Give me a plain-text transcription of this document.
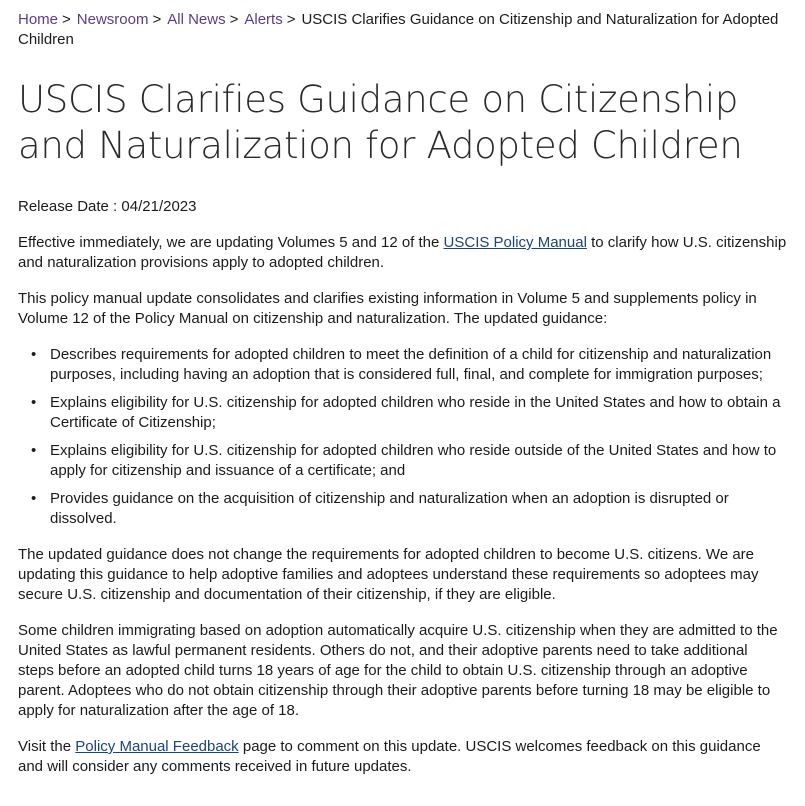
Home > Newsroom > All News > Alerts > USCIS Clarifies Guidance on Citizenship and Naturalization for Adopted Children
USCIS Clarifies Guidance on Citizenship and Naturalization for Adopted Children
Release Date : 04/21/2023

Effective immediately, we are updating Volumes 5 and 12 of the USCIS Policy Manual to clarify how U.S. citizenship and naturalization provisions apply to adopted children.

This policy manual update consolidates and clarifies existing information in Volume 5 and supplements policy in Volume 12 of the Policy Manual on citizenship and naturalization. The updated guidance:

• Describes requirements for adopted children to meet the definition of a child for citizenship and naturalization purposes, including having an adoption that is considered full, final, and complete for immigration purposes;
• Explains eligibility for U.S. citizenship for adopted children who reside in the United States and how to obtain a Certificate of Citizenship;
• Explains eligibility for U.S. citizenship for adopted children who reside outside of the United States and how to apply for citizenship and issuance of a certificate; and
• Provides guidance on the acquisition of citizenship and naturalization when an adoption is disrupted or dissolved.

The updated guidance does not change the requirements for adopted children to become U.S. citizens. We are updating this guidance to help adoptive families and adoptees understand these requirements so adoptees may secure U.S. citizenship and documentation of their citizenship, if they are eligible.

Some children immigrating based on adoption automatically acquire U.S. citizenship when they are admitted to the United States as lawful permanent residents. Others do not, and their adoptive parents need to take additional steps before an adopted child turns 18 years of age for the child to obtain U.S. citizenship through an adoptive parent. Adoptees who do not obtain citizenship through their adoptive parents before turning 18 may be eligible to apply for naturalization after the age of 18.

Visit the Policy Manual Feedback page to comment on this update. USCIS welcomes feedback on this guidance and will consider any comments received in future updates.
